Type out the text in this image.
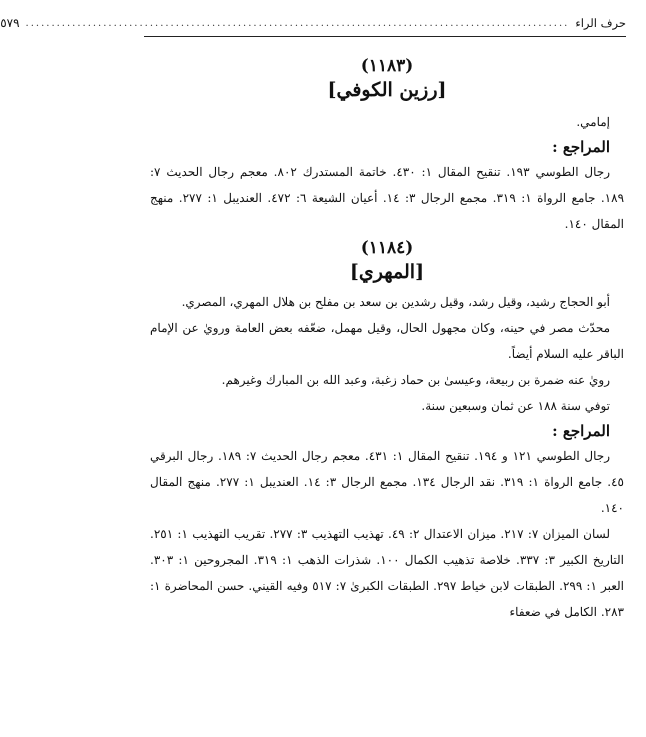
حرف الراء
.........................................................................................................
٥٧٩

(١١٨٣)

[رزين الكوفي]

إمامي.

المراجع :

رجال الطوسي ١٩٣. تنقيح المقال ١: ٤٣٠. خاتمة المستدرك ٨٠٢. معجم رجال الحديث ٧: ١٨٩. جامع الرواة ١: ٣١٩. مجمع الرجال ٣: ١٤. أعيان الشيعة ٦: ٤٧٢. العنديبل ١: ٢٧٧. منهج المقال ١٤٠.

(١١٨٤)

[المهري]

أبو الحجاج رشيد، وقيل رشد، وقيل رشدين بن سعد بن مفلح بن هلال المهري، المصري.

محدّث مصر في حينه، وكان مجهول الحال، وقيل مهمل، ضعّفه بعض العامة ورويٰ عن الإمام الباقر عليه السلام أيضاً.

رويٰ عنه ضمرة بن ربيعة، وعيسىٰ بن حماد زغبة، وعبد الله بن المبارك وغيرهم.

توفي سنة ١٨٨ عن ثمان وسبعين سنة.

المراجع :

رجال الطوسي ١٢١ و ١٩٤. تنقيح المقال ١: ٤٣١. معجم رجال الحديث ٧: ١٨٩. رجال البرقي ٤٥. جامع الرواة ١: ٣١٩. نقد الرجال ١٣٤. مجمع الرجال ٣: ١٤. العنديبل ١: ٢٧٧. منهج المقال ١٤٠.

لسان الميزان ٧: ٢١٧. ميزان الاعتدال ٢: ٤٩. تهذيب التهذيب ٣: ٢٧٧. تقريب التهذيب ١: ٢٥١. التاريخ الكبير ٣: ٣٣٧. خلاصة تذهيب الكمال ١٠٠. شذرات الذهب ١: ٣١٩. المجروحين ١: ٣٠٣. العبر ١: ٢٩٩. الطبقات لابن خياط ٢٩٧. الطبقات الكبرىٰ ٧: ٥١٧ وفيه القيني. حسن المحاضرة ١: ٢٨٣. الكامل في ضعفاء
